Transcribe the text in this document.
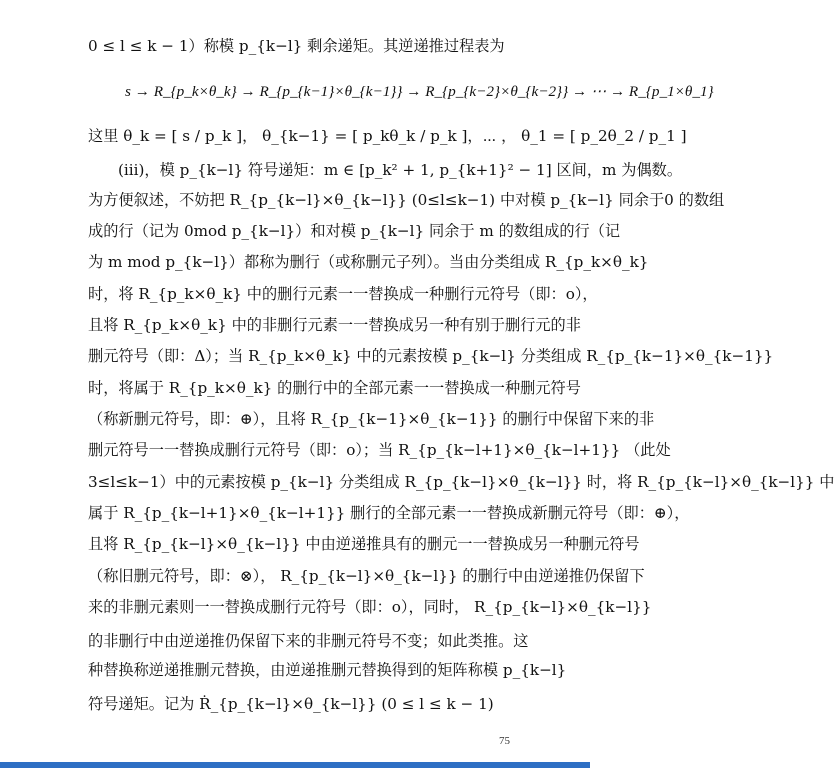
0 ≤ l ≤ k − 1）称模 p_{k−l} 剩余递矩。其逆递推过程表为
s → R_{p_k×θ_k} → R_{p_{k−1}×θ_{k−1}} → R_{p_{k−2}×θ_{k−2}} → ⋯ → R_{p_1×θ_1}
这里 θ_k = [ s / p_k ]， θ_{k−1} = [ p_kθ_k / p_k ]，⋯ ， θ_1 = [ p_2θ_2 / p_1 ]
(iii)，模 p_{k−l} 符号递矩：m ∈ [p_k² + 1, p_{k+1}² − 1] 区间，m 为偶数。
为方便叙述，不妨把 R_{p_{k−l}×θ_{k−l}} (0≤l≤k−1) 中对模 p_{k−l} 同余于0 的数组
成的行（记为 0mod p_{k−l}）和对模 p_{k−l} 同余于 m 的数组成的行（记
为 m mod p_{k−l}）都称为删行（或称删元子列）。当由分类组成 R_{p_k×θ_k}
时，将 R_{p_k×θ_k} 中的删行元素一一替换成一种删行元符号（即：o），
且将 R_{p_k×θ_k} 中的非删行元素一一替换成另一种有别于删行元的非
删元符号（即：Δ）；当 R_{p_k×θ_k} 中的元素按模 p_{k−l} 分类组成 R_{p_{k−1}×θ_{k−1}}
时，将属于 R_{p_k×θ_k} 的删行中的全部元素一一替换成一种删元符号
（称新删元符号，即：⊕），且将 R_{p_{k−1}×θ_{k−1}} 的删行中保留下来的非
删元符号一一替换成删行元符号（即：o）；当 R_{p_{k−l+1}×θ_{k−l+1}} （此处
3≤l≤k−1）中的元素按模 p_{k−l} 分类组成 R_{p_{k−l}×θ_{k−l}} 时，将 R_{p_{k−l}×θ_{k−l}} 中
属于 R_{p_{k−l+1}×θ_{k−l+1}} 删行的全部元素一一替换成新删元符号（即：⊕），
且将 R_{p_{k−l}×θ_{k−l}} 中由逆递推具有的删元一一替换成另一种删元符号
（称旧删元符号，即：⊗）， R_{p_{k−l}×θ_{k−l}} 的删行中由逆递推仍保留下
来的非删元素则一一替换成删行元符号（即：o），同时， R_{p_{k−l}×θ_{k−l}}
的非删行中由逆递推仍保留下来的非删元符号不变；如此类推。这
种替换称逆递推删元替换，由逆递推删元替换得到的矩阵称模 p_{k−l}
符号递矩。记为 Ṙ_{p_{k−l}×θ_{k−l}} (0 ≤ l ≤ k − 1)
75
